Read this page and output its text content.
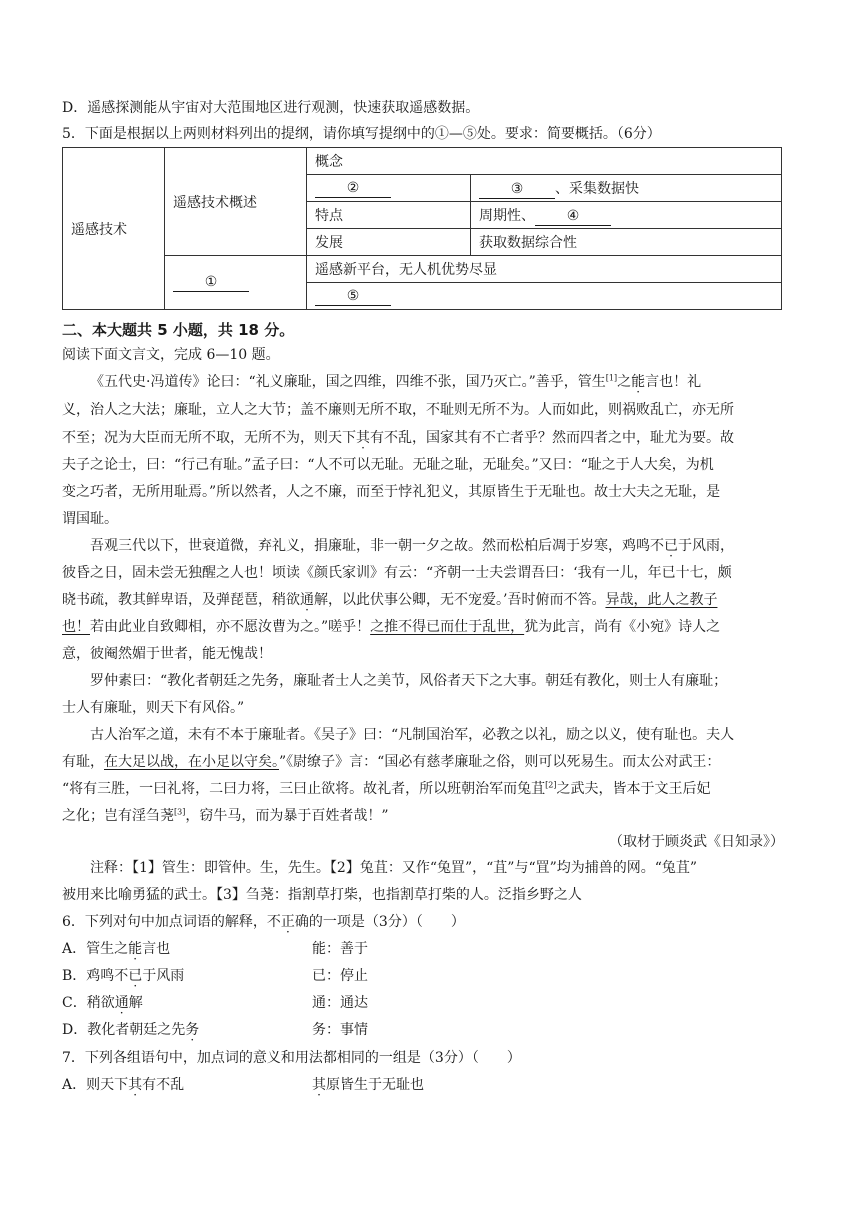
D．遥感探测能从宇宙对大范围地区进行观测，快速获取遥感数据。
5．下面是根据以上两则材料列出的提纲，请你填写提纲中的①—⑤处。要求：简要概括。（6分）
遥感技术	遥感技术概述	概念	
		②	③ 、采集数据快
		特点	周期性、 ④
		发展	获取数据综合性
	①	遥感新平台，无人机优势尽显	
		⑤	
二、本大题共 5 小题，共 18 分。
阅读下面文言文，完成 6—10 题。
《五代史·冯道传》论曰：“礼义廉耻，国之四维，四维不张，国乃灭亡。”善乎，管生[1]之能言也！礼
义，治人之大法；廉耻，立人之大节；盖不廉则无所不取，不耻则无所不为。人而如此，则祸败乱亡，亦无所
不至；况为大臣而无所不取，无所不为，则天下其有不乱，国家其有不亡者乎？然而四者之中，耻尤为要。故
夫子之论士，曰：“行己有耻。”孟子曰：“人不可以无耻。无耻之耻，无耻矣。”又曰：“耻之于人大矣，为机
变之巧者，无所用耻焉。”所以然者，人之不廉，而至于悖礼犯义，其原皆生于无耻也。故士大夫之无耻，是
谓国耻。
吾观三代以下，世衰道微，弃礼义，捐廉耻，非一朝一夕之故。然而松柏后凋于岁寒，鸡鸣不已于风雨，
彼昏之日，固未尝无独醒之人也！顷读《颜氏家训》有云：“齐朝一士夫尝谓吾曰：‘我有一儿，年已十七，颇
晓书疏，教其鲜卑语，及弹琵琶，稍欲通解，以此伏事公卿，无不宠爱。’吾时俯而不答。异哉，此人之教子
也！若由此业自致卿相，亦不愿汝曹为之。”嗟乎！之推不得已而仕于乱世，犹为此言，尚有《小宛》诗人之
意，彼阉然媚于世者，能无愧哉！
罗仲素曰：“教化者朝廷之先务，廉耻者士人之美节，风俗者天下之大事。朝廷有教化，则士人有廉耻；
士人有廉耻，则天下有风俗。”
古人治军之道，未有不本于廉耻者。《吴子》曰：“凡制国治军，必教之以礼，励之以义，使有耻也。夫人
有耻，在大足以战，在小足以守矣。”《尉缭子》言：“国必有慈孝廉耻之俗，则可以死易生。而太公对武王：
“将有三胜，一曰礼将，二曰力将，三曰止欲将。故礼者，所以班朝治军而兔苴[2]之武夫，皆本于文王后妃
之化；岂有淫刍荛[3]，窃牛马，而为暴于百姓者哉！”
（取材于顾炎武《日知录》）
注释：【1】管生：即管仲。生，先生。【2】兔苴：又作“兔罝”，“苴”与“罝”均为捕兽的网。“兔苴”
被用来比喻勇猛的武士。【3】刍荛：指割草打柴，也指割草打柴的人。泛指乡野之人
6．下列对句中加点词语的解释，不正确的一项是（3分）（　　）
A．管生之能言也	能：善于
B．鸡鸣不已于风雨	已：停止
C．稍欲通解	通：通达
D．教化者朝廷之先务	务：事情
7．下列各组语句中，加点词的意义和用法都相同的一组是（3分）（　　）
A．则天下其有不乱	其原皆生于无耻也
